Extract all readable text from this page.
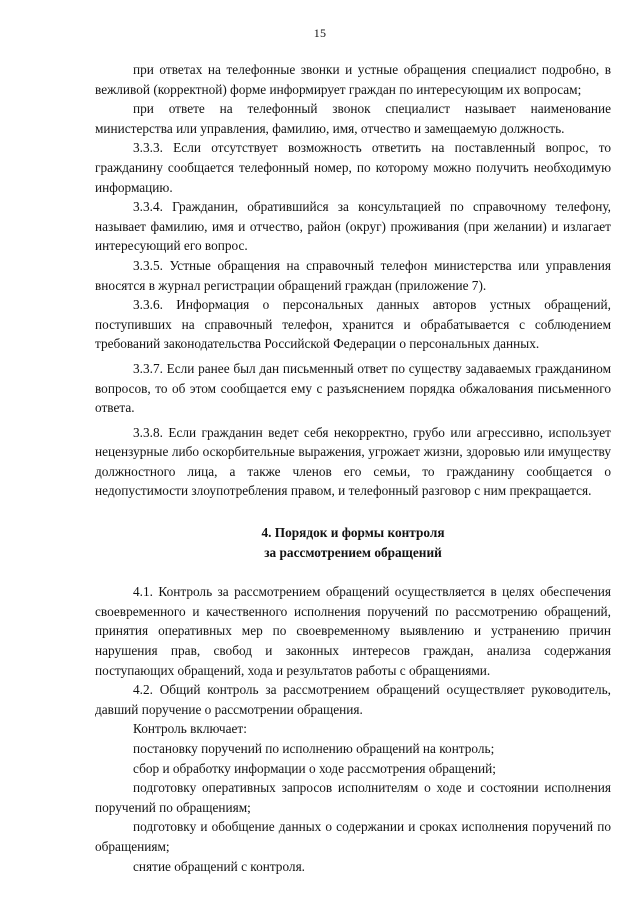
15

при ответах на телефонные звонки и устные обращения специалист подробно, в вежливой (корректной) форме информирует граждан по интересующим их вопросам;

при ответе на телефонный звонок специалист называет наименование министерства или управления, фамилию, имя, отчество и замещаемую должность.

3.3.3. Если отсутствует возможность ответить на поставленный вопрос, то гражданину сообщается телефонный номер, по которому можно получить необходимую информацию.

3.3.4. Гражданин, обратившийся за консультацией по справочному телефону, называет фамилию, имя и отчество, район (округ) проживания (при желании) и излагает интересующий его вопрос.

3.3.5. Устные обращения на справочный телефон министерства или управления вносятся в журнал регистрации обращений граждан (приложение 7).

3.3.6. Информация о персональных данных авторов устных обращений, поступивших на справочный телефон, хранится и обрабатывается с соблюдением требований законодательства Российской Федерации о персональных данных.

3.3.7. Если ранее был дан письменный ответ по существу задаваемых гражданином вопросов, то об этом сообщается ему с разъяснением порядка обжалования письменного ответа.

3.3.8. Если гражданин ведет себя некорректно, грубо или агрессивно, использует нецензурные либо оскорбительные выражения, угрожает жизни, здоровью или имуществу должностного лица, а также членов его семьи, то гражданину сообщается о недопустимости злоупотребления правом, и телефонный разговор с ним прекращается.

4. Порядок и формы контроля
за рассмотрением обращений

4.1. Контроль за рассмотрением обращений осуществляется в целях обеспечения своевременного и качественного исполнения поручений по рассмотрению обращений, принятия оперативных мер по своевременному выявлению и устранению причин нарушения прав, свобод и законных интересов граждан, анализа содержания поступающих обращений, хода и результатов работы с обращениями.

4.2. Общий контроль за рассмотрением обращений осуществляет руководитель, давший поручение о рассмотрении обращения.

Контроль включает:

постановку поручений по исполнению обращений на контроль;

сбор и обработку информации о ходе рассмотрения обращений;

подготовку оперативных запросов исполнителям о ходе и состоянии исполнения поручений по обращениям;

подготовку и обобщение данных о содержании и сроках исполнения поручений по обращениям;

снятие обращений с контроля.
